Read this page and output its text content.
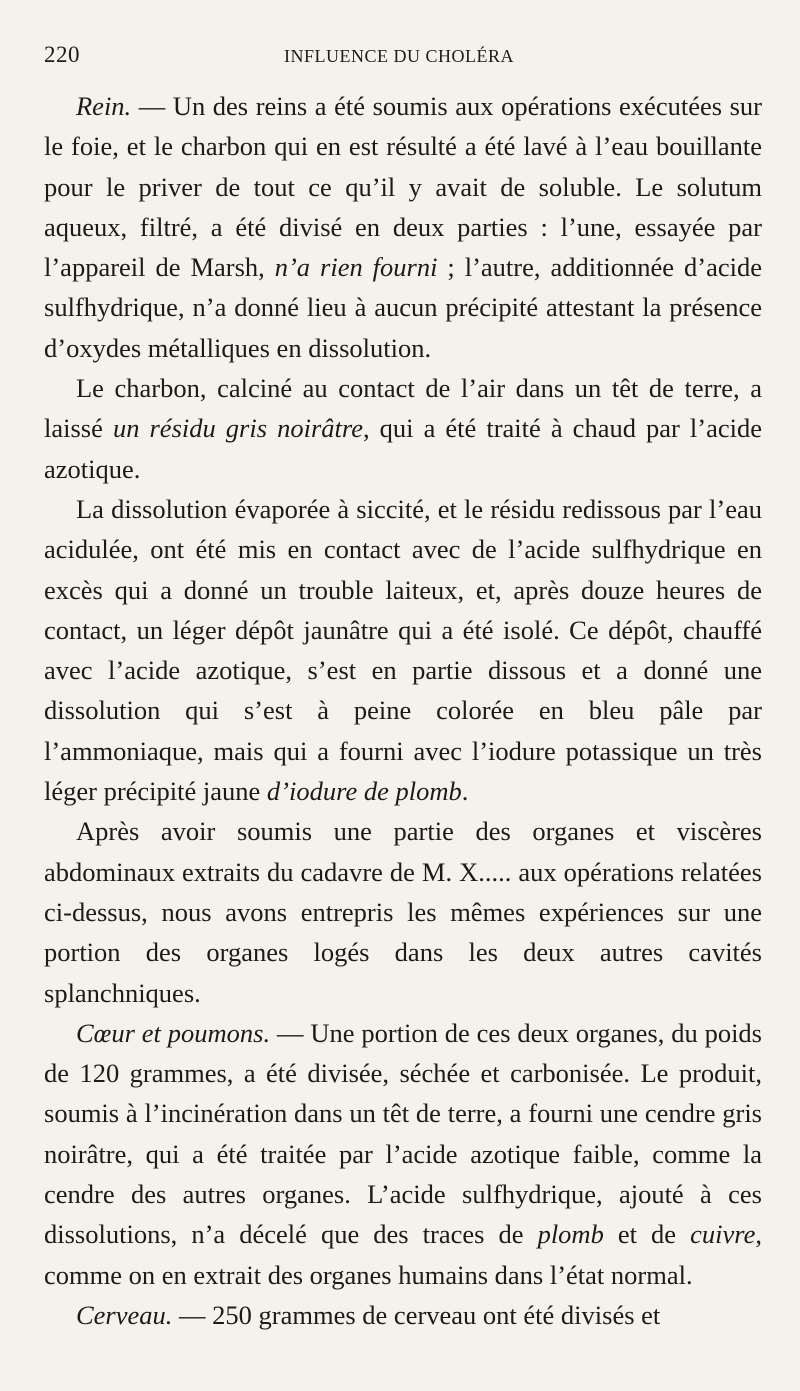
220	INFLUENCE DU CHOLÉRA

Rein. — Un des reins a été soumis aux opérations exécutées sur le foie, et le charbon qui en est résulté a été lavé à l’eau bouillante pour le priver de tout ce qu’il y avait de soluble. Le solutum aqueux, filtré, a été divisé en deux parties : l’une, essayée par l’appareil de Marsh, n’a rien fourni ; l’autre, additionnée d’acide sulfhydrique, n’a donné lieu à aucun précipité attestant la présence d’oxydes métalliques en dissolution.

Le charbon, calciné au contact de l’air dans un têt de terre, a laissé un résidu gris noirâtre, qui a été traité à chaud par l’acide azotique.

La dissolution évaporée à siccité, et le résidu redissous par l’eau acidulée, ont été mis en contact avec de l’acide sulfhydrique en excès qui a donné un trouble laiteux, et, après douze heures de contact, un léger dépôt jaunâtre qui a été isolé. Ce dépôt, chauffé avec l’acide azotique, s’est en partie dissous et a donné une dissolution qui s’est à peine colorée en bleu pâle par l’ammoniaque, mais qui a fourni avec l’iodure potassique un très léger précipité jaune d’iodure de plomb.

Après avoir soumis une partie des organes et viscères abdominaux extraits du cadavre de M. X..... aux opérations relatées ci-dessus, nous avons entrepris les mêmes expériences sur une portion des organes logés dans les deux autres cavités splanchniques.

Cœur et poumons. — Une portion de ces deux organes, du poids de 120 grammes, a été divisée, séchée et carbonisée. Le produit, soumis à l’incinération dans un têt de terre, a fourni une cendre gris noirâtre, qui a été traitée par l’acide azotique faible, comme la cendre des autres organes. L’acide sulfhydrique, ajouté à ces dissolutions, n’a décelé que des traces de plomb et de cuivre, comme on en extrait des organes humains dans l’état normal.

Cerveau. — 250 grammes de cerveau ont été divisés et
